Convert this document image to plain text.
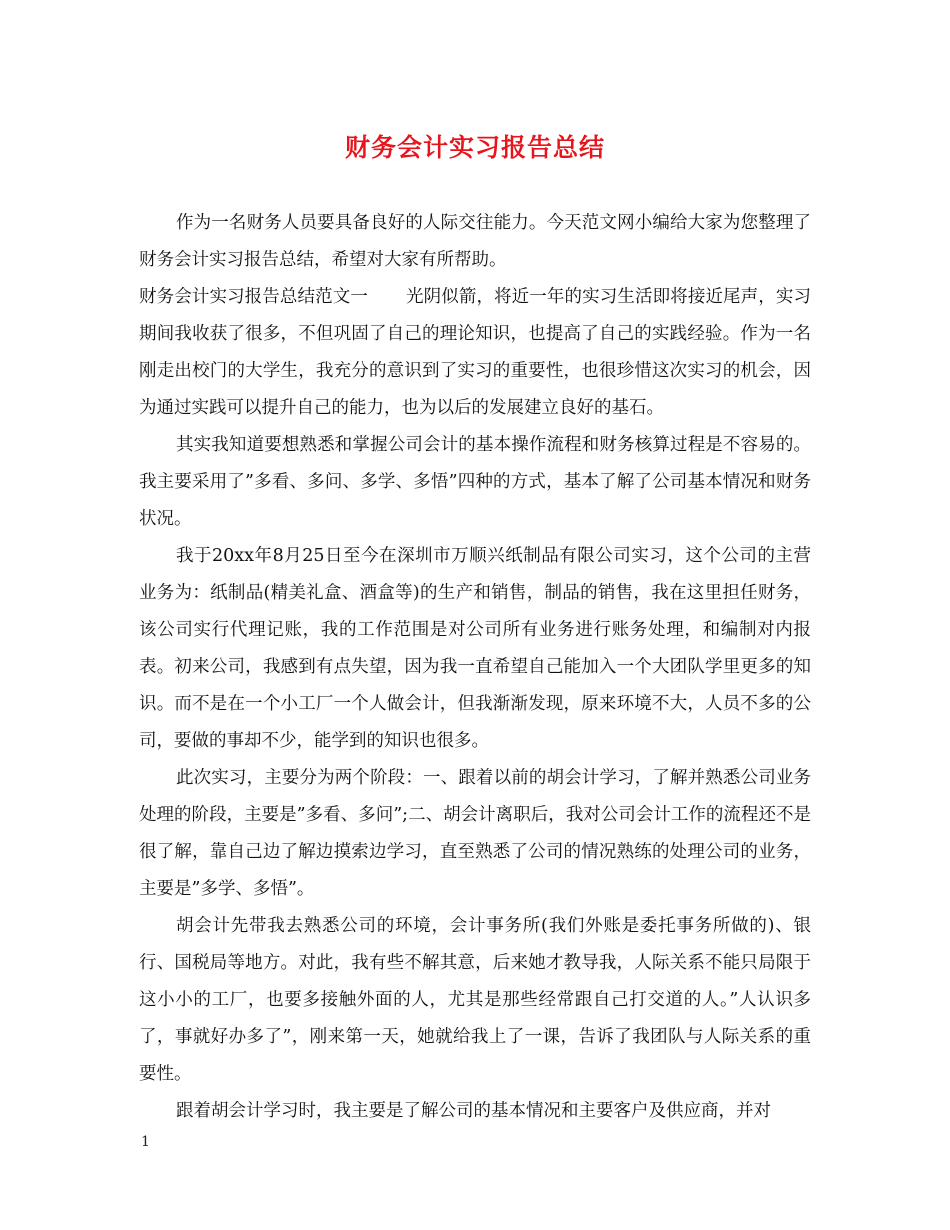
财务会计实习报告总结

作为一名财务人员要具备良好的人际交往能力。今天范文网小编给大家为您整理了财务会计实习报告总结，希望对大家有所帮助。

财务会计实习报告总结范文一 光阴似箭，将近一年的实习生活即将接近尾声，实习期间我收获了很多，不但巩固了自己的理论知识，也提高了自己的实践经验。作为一名刚走出校门的大学生，我充分的意识到了实习的重要性，也很珍惜这次实习的机会，因为通过实践可以提升自己的能力，也为以后的发展建立良好的基石。

其实我知道要想熟悉和掌握公司会计的基本操作流程和财务核算过程是不容易的。我主要采用了”多看、多问、多学、多悟”四种的方式，基本了解了公司基本情况和财务状况。

我于20xx年8月25日至今在深圳市万顺兴纸制品有限公司实习，这个公司的主营业务为：纸制品(精美礼盒、酒盒等)的生产和销售，制品的销售，我在这里担任财务，该公司实行代理记账，我的工作范围是对公司所有业务进行账务处理，和编制对内报表。初来公司，我感到有点失望，因为我一直希望自己能加入一个大团队学里更多的知识。而不是在一个小工厂一个人做会计，但我渐渐发现，原来环境不大，人员不多的公司，要做的事却不少，能学到的知识也很多。

此次实习，主要分为两个阶段：一、跟着以前的胡会计学习，了解并熟悉公司业务处理的阶段，主要是”多看、多问”;二、胡会计离职后，我对公司会计工作的流程还不是很了解，靠自己边了解边摸索边学习，直至熟悉了公司的情况熟练的处理公司的业务，主要是”多学、多悟”。

胡会计先带我去熟悉公司的环境，会计事务所(我们外账是委托事务所做的)、银行、国税局等地方。对此，我有些不解其意，后来她才教导我，人际关系不能只局限于这小小的工厂，也要多接触外面的人，尤其是那些经常跟自己打交道的人。”人认识多了，事就好办多了”，刚来第一天，她就给我上了一课，告诉了我团队与人际关系的重要性。

跟着胡会计学习时，我主要是了解公司的基本情况和主要客户及供应商，并对

1
